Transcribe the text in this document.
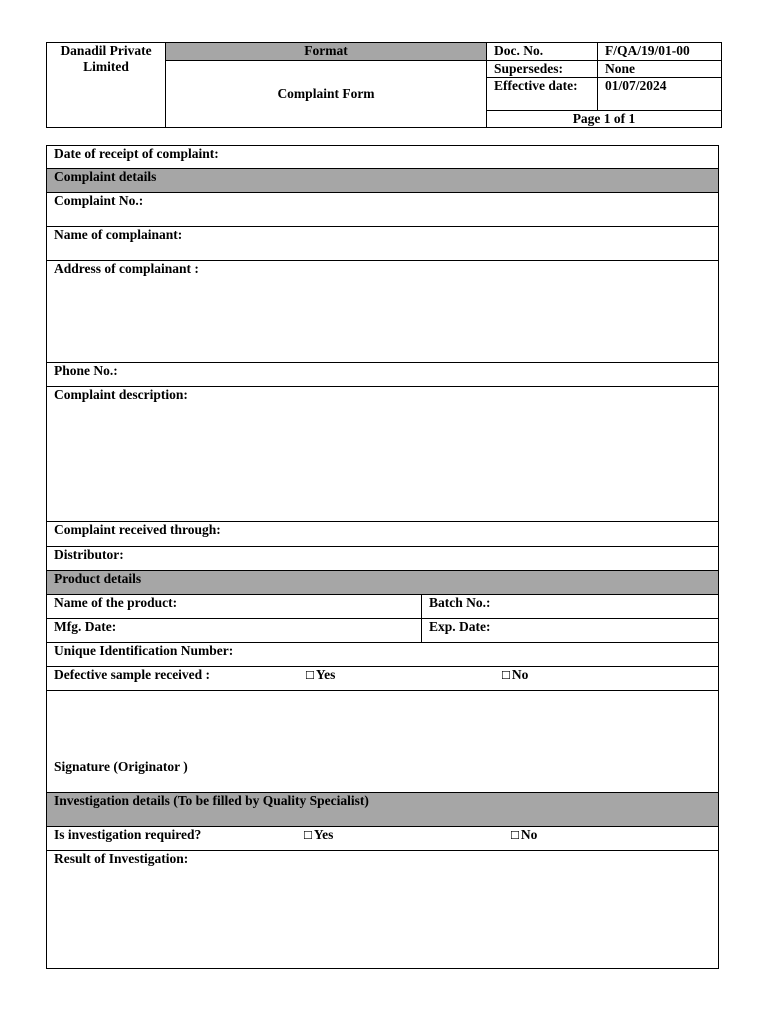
Danadil Private Limited	Format	Doc. No.	F/QA/19/01-00
	Complaint Form	Supersedes:	None
		Effective date:	01/07/2024
		Page 1 of 1	
Date of receipt of complaint:
Complaint details
Complaint No.:
Name of complainant:
Address of complainant :
Phone No.:
Complaint description:
Complaint received through:
Distributor:
Product details
Name of the product:	Batch No.:
Mfg. Date:	Exp. Date:
Unique Identification Number:
Defective sample received :	☐Yes	☐No
Signature (Originator )
Investigation details (To be filled by Quality Specialist)
Is investigation required?	☐Yes	☐No
Result of Investigation:
